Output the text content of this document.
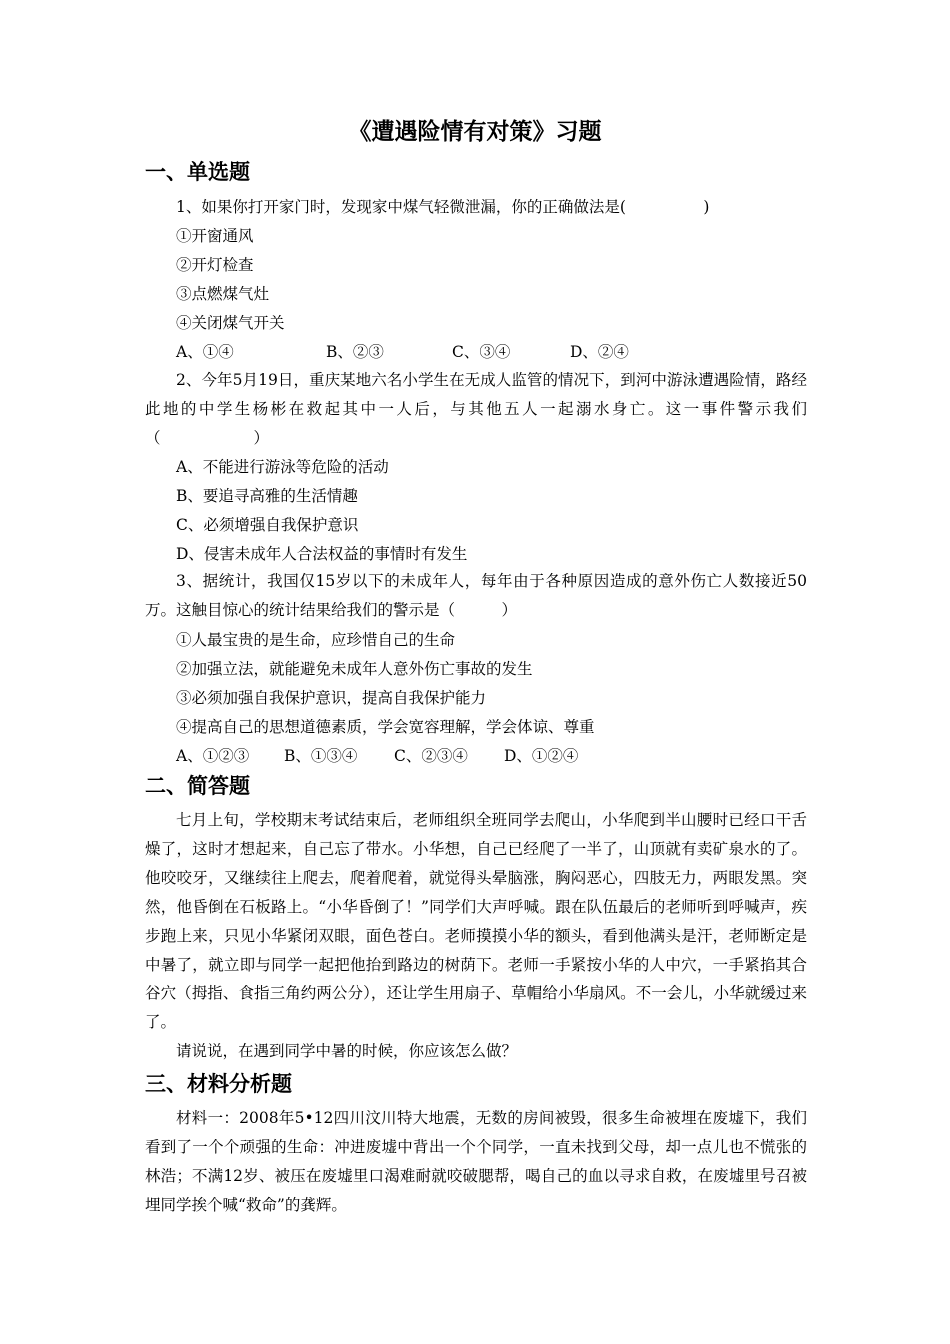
《遭遇险情有对策》习题
一、单选题
1、如果你打开家门时，发现家中煤气轻微泄漏，你的正确做法是(　　　　　)
①开窗通风
②开灯检查
③点燃煤气灶
④关闭煤气开关
A、①④	B、②③	C、③④	D、②④
2、今年5月19日，重庆某地六名小学生在无成人监管的情况下，到河中游泳遭遇险情，路经此地的中学生杨彬在救起其中一人后，与其他五人一起溺水身亡。这一事件警示我们（　　　　　　）
A、不能进行游泳等危险的活动
B、要追寻高雅的生活情趣
C、必须增强自我保护意识
D、侵害未成年人合法权益的事情时有发生
3、据统计，我国仅15岁以下的未成年人，每年由于各种原因造成的意外伤亡人数接近50万。这触目惊心的统计结果给我们的警示是（　　　）
①人最宝贵的是生命，应珍惜自己的生命
②加强立法，就能避免未成年人意外伤亡事故的发生
③必须加强自我保护意识，提高自我保护能力
④提高自己的思想道德素质，学会宽容理解，学会体谅、尊重
A、①②③ B、①③④ C、②③④ D、①②④
二、简答题
七月上旬，学校期末考试结束后，老师组织全班同学去爬山，小华爬到半山腰时已经口干舌燥了，这时才想起来，自己忘了带水。小华想，自己已经爬了一半了，山顶就有卖矿泉水的了。他咬咬牙，又继续往上爬去，爬着爬着，就觉得头晕脑涨，胸闷恶心，四肢无力，两眼发黑。突然，他昏倒在石板路上。“小华昏倒了！”同学们大声呼喊。跟在队伍最后的老师听到呼喊声，疾步跑上来，只见小华紧闭双眼，面色苍白。老师摸摸小华的额头，看到他满头是汗，老师断定是中暑了，就立即与同学一起把他抬到路边的树荫下。老师一手紧按小华的人中穴，一手紧掐其合谷穴（拇指、食指三角约两公分），还让学生用扇子、草帽给小华扇风。不一会儿，小华就缓过来了。
请说说，在遇到同学中暑的时候，你应该怎么做？
三、材料分析题
材料一：2008年5•12四川汶川特大地震，无数的房间被毁，很多生命被埋在废墟下，我们看到了一个个顽强的生命：冲进废墟中背出一个个同学，一直未找到父母，却一点儿也不慌张的林浩；不满12岁、被压在废墟里口渴难耐就咬破腮帮，喝自己的血以寻求自救，在废墟里号召被埋同学挨个喊“救命”的龚辉。
